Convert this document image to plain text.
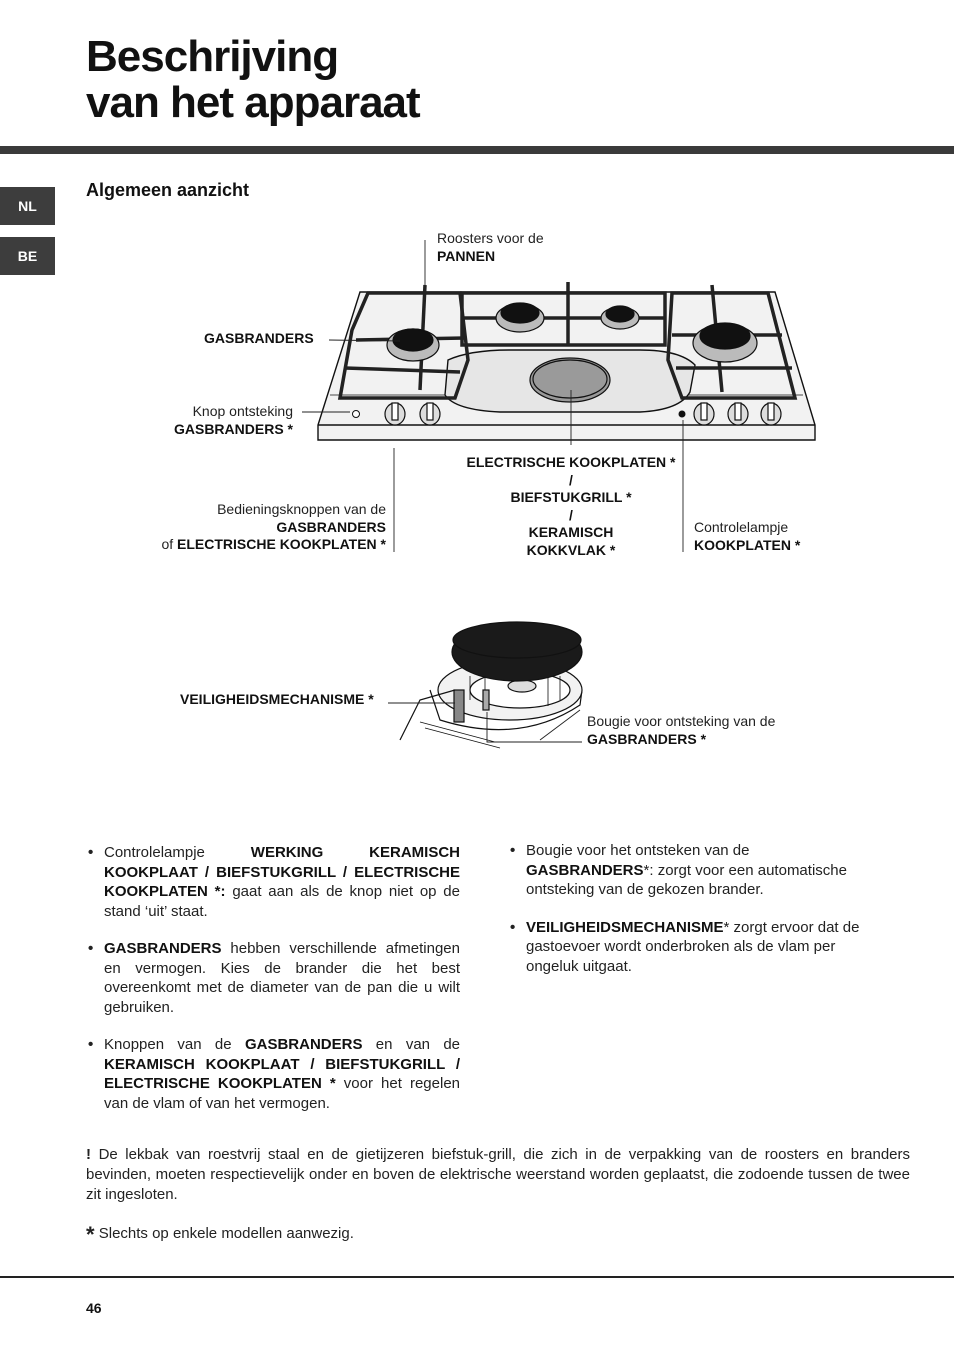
Beschrijving
van het apparaat
NL
BE
Algemeen aanzicht
Roosters voor de
PANNEN
GASBRANDERS
Knop ontsteking
GASBRANDERS *
Bedieningsknoppen van de
GASBRANDERS
of ELECTRISCHE KOOKPLATEN *
ELECTRISCHE KOOKPLATEN *
/
BIEFSTUKGRILL *
/
KERAMISCH
KOKKVLAK *
Controlelampje
KOOKPLATEN *
VEILIGHEIDSMECHANISME *
Bougie voor ontsteking van de
GASBRANDERS *
• Controlelampje	WERKING KERAMISCH KOOKPLAAT / BIEFSTUKGRILL / ELECTRISCHE KOOKPLATEN *: gaat aan als de knop niet op de stand ‘uit’ staat.
• GASBRANDERS hebben verschillende afmetingen en vermogen. Kies de brander die het best overeenkomt met de diameter van de pan die u wilt gebruiken.
• Knoppen van de GASBRANDERS en van de KERAMISCH KOOKPLAAT / BIEFSTUKGRILL / ELECTRISCHE KOOKPLATEN * voor het regelen van de vlam of van het vermogen.
• Bougie voor het ontsteken van de GASBRANDERS*: zorgt voor een automatische ontsteking van de gekozen brander.
• VEILIGHEIDSMECHANISME* zorgt ervoor dat de gastoevoer wordt onderbroken als de vlam per ongeluk uitgaat.
! De lekbak van roestvrij staal en de gietijzeren biefstuk-grill, die zich in de verpakking van de roosters en branders bevinden, moeten respectievelijk onder en boven de elektrische weerstand worden geplaatst, die zodoende tussen de twee zit ingesloten.
* Slechts op enkele modellen aanwezig.
46
